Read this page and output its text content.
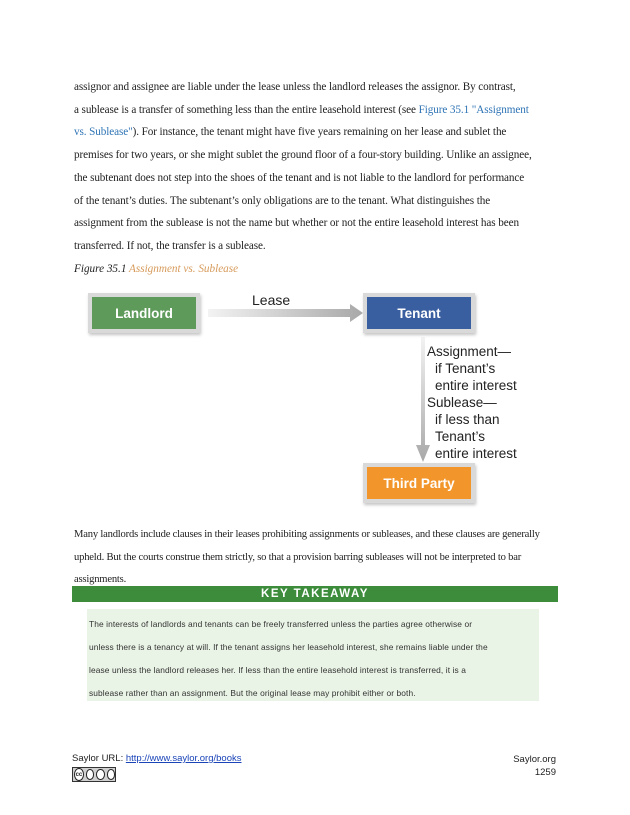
assignor and assignee are liable under the lease unless the landlord releases the assignor. By contrast,

a sublease is a transfer of something less than the entire leasehold interest (see Figure 35.1 "Assignment

vs. Sublease"). For instance, the tenant might have five years remaining on her lease and sublet the

premises for two years, or she might sublet the ground floor of a four-story building. Unlike an assignee,

the subtenant does not step into the shoes of the tenant and is not liable to the landlord for performance

of the tenant’s duties. The subtenant’s only obligations are to the tenant. What distinguishes the

assignment from the sublease is not the name but whether or not the entire leasehold interest has been

transferred. If not, the transfer is a sublease.

Figure 35.1 Assignment vs. Sublease
Landlord	Tenant
Third Party
Lease
Assignment—
if Tenant’s
entire interest
Sublease—
if less than
Tenant’s
entire interest

Many landlords include clauses in their leases prohibiting assignments or subleases, and these clauses are generally

upheld. But the courts construe them strictly, so that a provision barring subleases will not be interpreted to bar

assignments.

KEY TAKEAWAY

The interests of landlords and tenants can be freely transferred unless the parties agree otherwise or

unless there is a tenancy at will. If the tenant assigns her leasehold interest, she remains liable under the

lease unless the landlord releases her. If less than the entire leasehold interest is transferred, it is a

sublease rather than an assignment. But the original lease may prohibit either or both.

Saylor URL: http://www.saylor.org/books	Saylor.org
1259
cc
